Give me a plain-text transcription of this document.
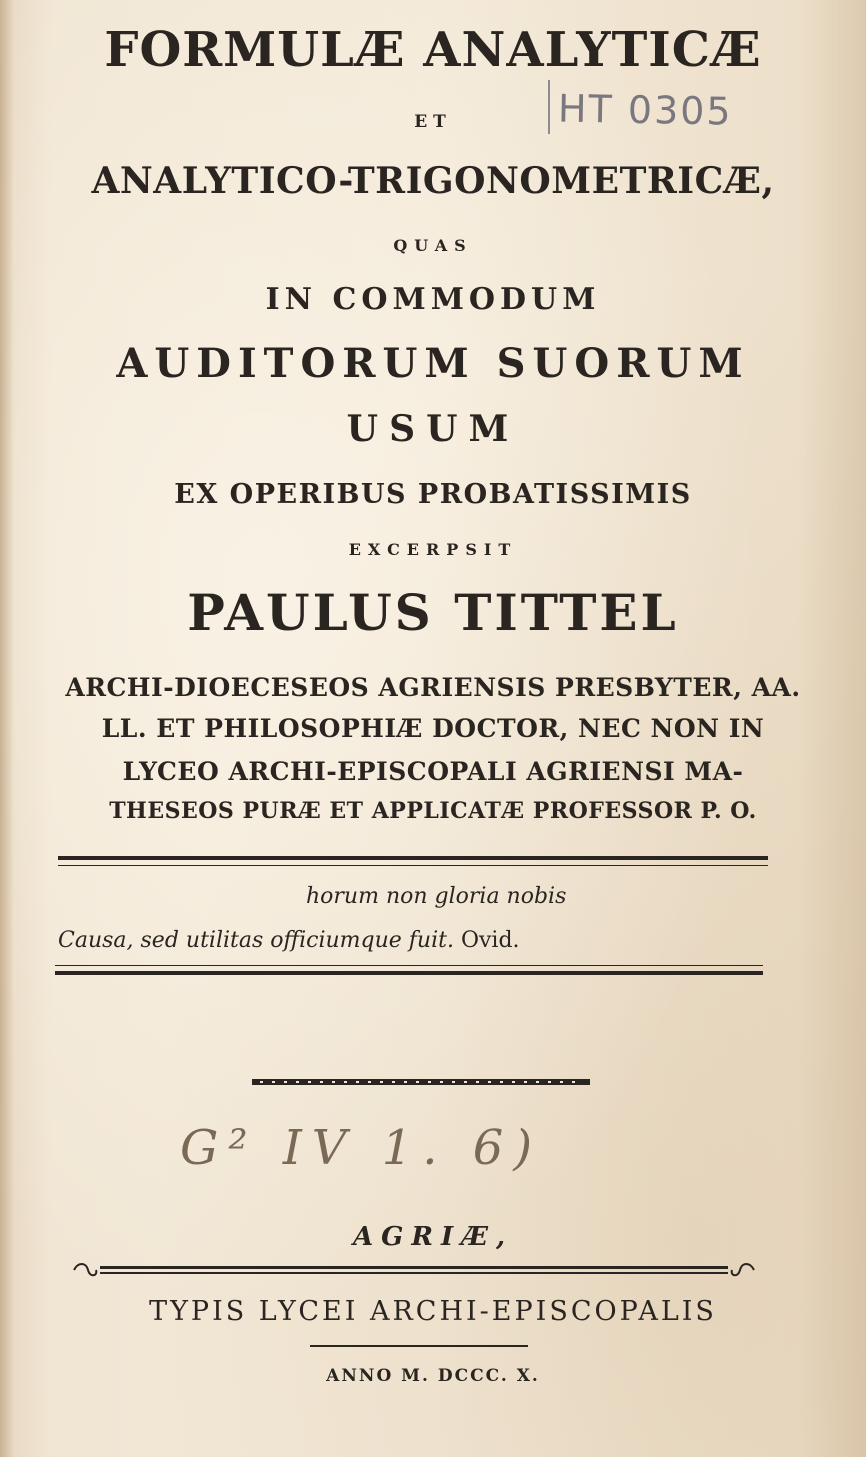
FORMULÆ ANALYTICÆ
HT 0305
ET
ANALYTICO-TRIGONOMETRICÆ,
QUAS
IN COMMODUM
AUDITORUM SUORUM
USUM
EX OPERIBUS PROBATISSIMIS
EXCERPSIT
PAULUS TITTEL
ARCHI-DIOECESEOS AGRIENSIS PRESBYTER, AA.
LL. ET PHILOSOPHIÆ DOCTOR, NEC NON IN
LYCEO ARCHI-EPISCOPALI AGRIENSI MA-
THESEOS PURÆ ET APPLICATÆ PROFESSOR P. O.
horum non gloria nobis
Causa, sed utilitas officiumque fuit. Ovid.
G² IV 1. 6)
AGRIÆ,
TYPIS LYCEI ARCHI-EPISCOPALIS
ANNO M. DCCC. X.
